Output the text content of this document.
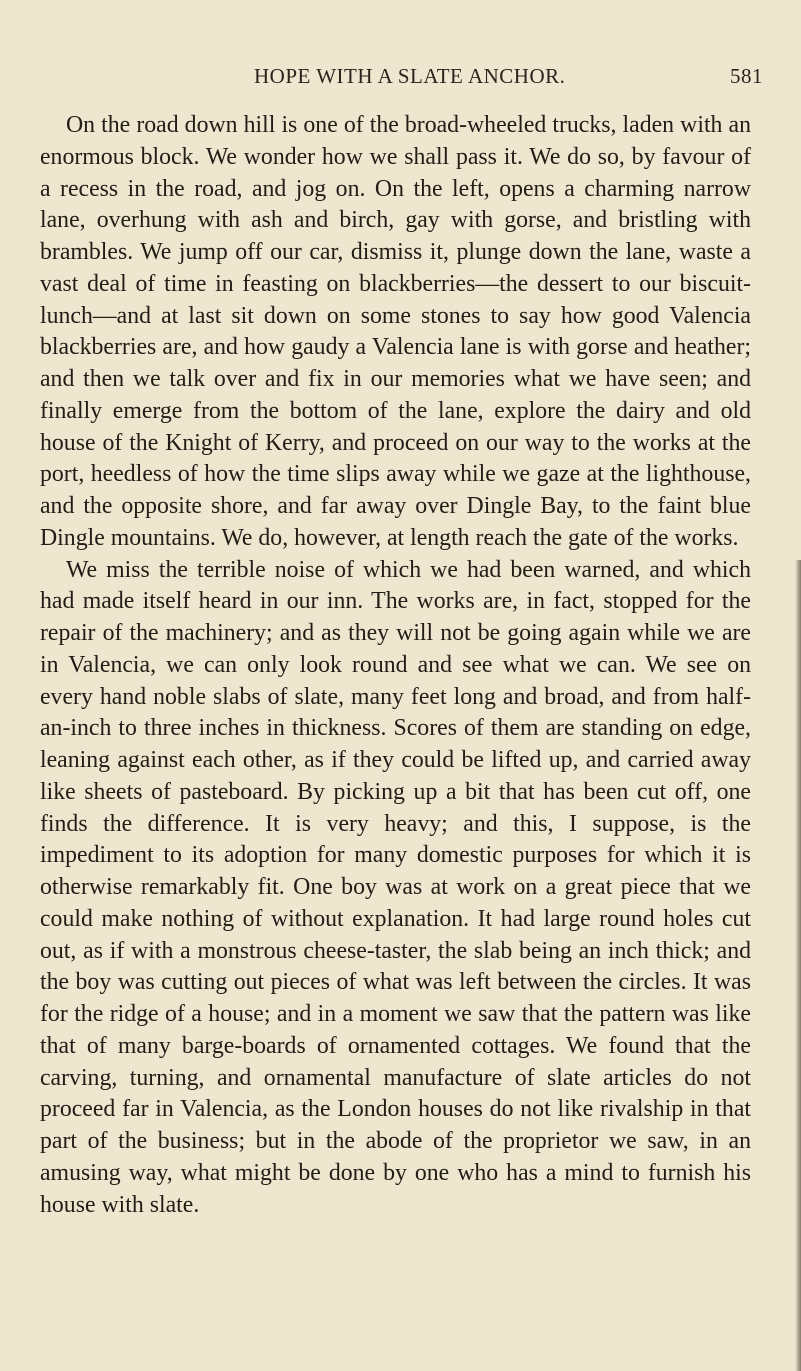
HOPE WITH A SLATE ANCHOR.	581

On the road down hill is one of the broad-wheeled trucks, laden with an enormous block. We wonder how we shall pass it. We do so, by favour of a recess in the road, and jog on. On the left, opens a charming narrow lane, overhung with ash and birch, gay with gorse, and bristling with brambles. We jump off our car, dismiss it, plunge down the lane, waste a vast deal of time in feasting on blackberries—the dessert to our biscuit-lunch—and at last sit down on some stones to say how good Valencia blackberries are, and how gaudy a Valencia lane is with gorse and heather; and then we talk over and fix in our memories what we have seen; and finally emerge from the bottom of the lane, explore the dairy and old house of the Knight of Kerry, and proceed on our way to the works at the port, heedless of how the time slips away while we gaze at the lighthouse, and the opposite shore, and far away over Dingle Bay, to the faint blue Dingle mountains. We do, however, at length reach the gate of the works.

We miss the terrible noise of which we had been warned, and which had made itself heard in our inn. The works are, in fact, stopped for the repair of the machinery; and as they will not be going again while we are in Valencia, we can only look round and see what we can. We see on every hand noble slabs of slate, many feet long and broad, and from half-an-inch to three inches in thickness. Scores of them are standing on edge, leaning against each other, as if they could be lifted up, and carried away like sheets of pasteboard. By picking up a bit that has been cut off, one finds the difference. It is very heavy; and this, I suppose, is the impediment to its adoption for many domestic purposes for which it is otherwise remarkably fit. One boy was at work on a great piece that we could make nothing of without explanation. It had large round holes cut out, as if with a monstrous cheese-taster, the slab being an inch thick; and the boy was cutting out pieces of what was left between the circles. It was for the ridge of a house; and in a moment we saw that the pattern was like that of many barge-boards of ornamented cottages. We found that the carving, turning, and ornamental manufacture of slate articles do not proceed far in Valencia, as the London houses do not like rivalship in that part of the business; but in the abode of the proprietor we saw, in an amusing way, what might be done by one who has a mind to furnish his house with slate.
